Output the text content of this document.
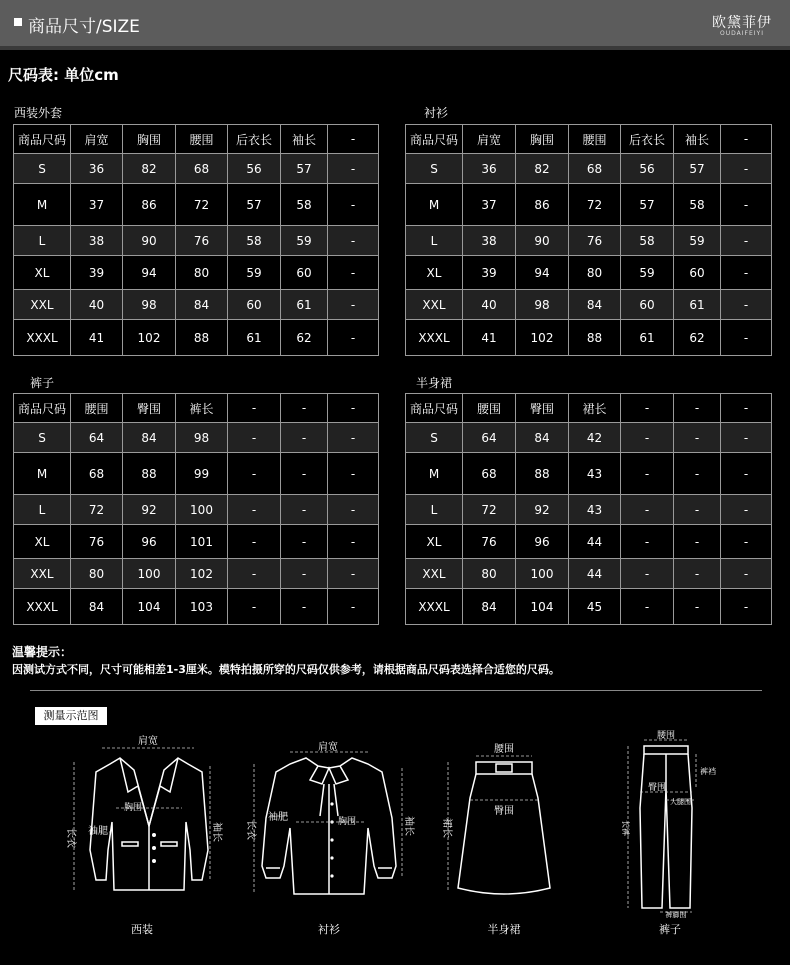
商品尺寸/SIZE	欧黛菲伊
OUDAIFEIYI
尺码表: 单位cm
西装外套	衬衫
裤子	半身裙
商品尺码	肩宽	胸围	腰围	后衣长	袖长	-
S	36	82	68	56	57	-
M	37	86	72	57	58	-
L	38	90	76	58	59	-
XL	39	94	80	59	60	-
XXL	40	98	84	60	61	-
XXXL	41	102	88	61	62	-
商品尺码	肩宽	胸围	腰围	后衣长	袖长	-
S	36	82	68	56	57	-
M	37	86	72	57	58	-
L	38	90	76	58	59	-
XL	39	94	80	59	60	-
XXL	40	98	84	60	61	-
XXXL	41	102	88	61	62	-
商品尺码	腰围	臀围	裤长	-	-	-
S	64	84	98	-	-	-
M	68	88	99	-	-	-
L	72	92	100	-	-	-
XL	76	96	101	-	-	-
XXL	80	100	102	-	-	-
XXXL	84	104	103	-	-	-
商品尺码	腰围	臀围	裙长	-	-	-
S	64	84	42	-	-	-
M	68	88	43	-	-	-
L	72	92	43	-	-	-
XL	76	96	44	-	-	-
XXL	80	100	44	-	-	-
XXXL	84	104	45	-	-	-
温馨提示：
因测试方式不同，尺寸可能相差1-3厘米。模特拍摄所穿的尺码仅供参考，请根据商品尺码表选择合适您的尺码。
测量示范图
肩宽
胸围
袖肥
长衣	袖长
西装
肩宽
胸围
袖肥
长衣	袖长
衬衫
腰围
臀围
裙长
半身裙
腰围
臀围
裤裆
大腿围
长裤
裤脚围
裤子
